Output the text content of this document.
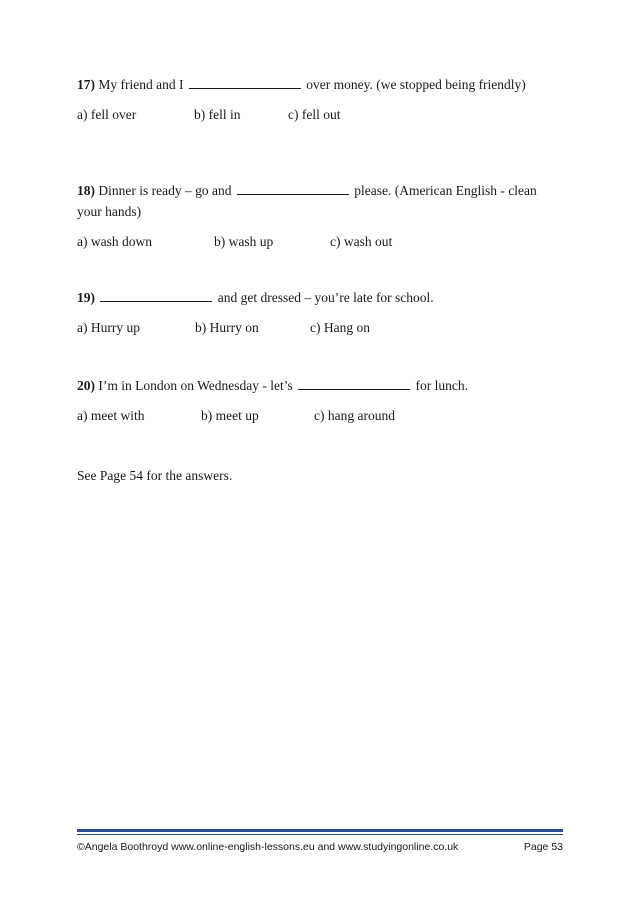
17) My friend and I	over money. (we stopped being friendly)

a) fell over	b) fell in	c) fell out

18) Dinner is ready – go and	please. (American English - clean your hands)

a) wash down	b) wash up	c) wash out

19)	and get dressed – you’re late for school.

a) Hurry up	b) Hurry on	c) Hang on

20) I’m in London on Wednesday - let’s	for lunch.

a) meet with	b) meet up	c) hang around
See Page 54 for the answers.
©Angela Boothroyd www.online-english-lessons.eu and www.studyingonline.co.uk	Page 53
